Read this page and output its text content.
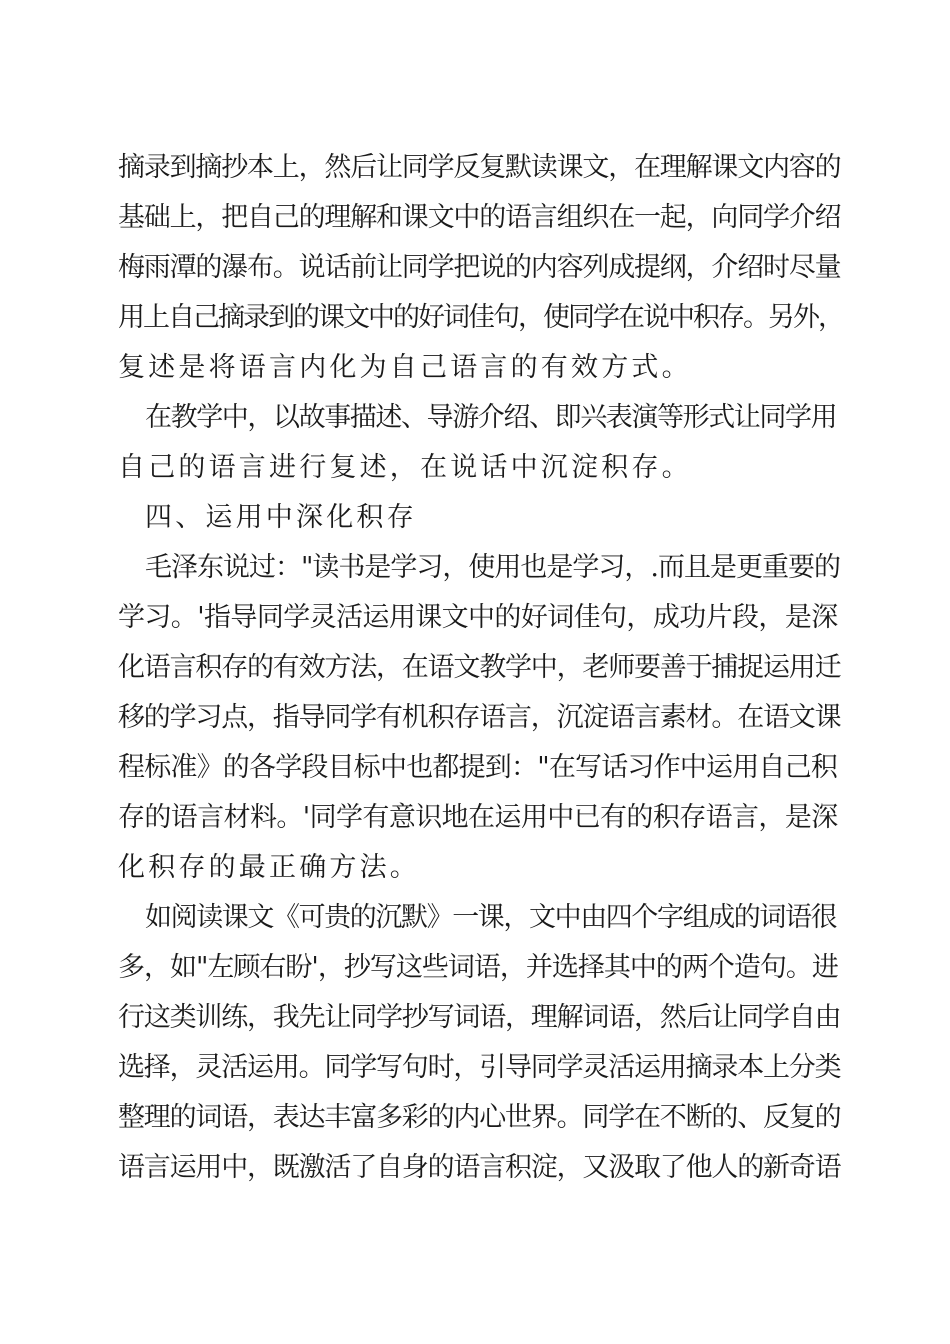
摘录到摘抄本上，然后让同学反复默读课文，在理解课文内容的
基础上，把自己的理解和课文中的语言组织在一起，向同学介绍
梅雨潭的瀑布。说话前让同学把说的内容列成提纲，介绍时尽量
用上自己摘录到的课文中的好词佳句，使同学在说中积存。另外，
复述是将语言内化为自己语言的有效方式。
在教学中，以故事描述、导游介绍、即兴表演等形式让同学用
自己的语言进行复述，在说话中沉淀积存。
四、运用中深化积存
毛泽东说过："读书是学习，使用也是学习，.而且是更重要的
学习。'指导同学灵活运用课文中的好词佳句，成功片段，是深
化语言积存的有效方法，在语文教学中，老师要善于捕捉运用迁
移的学习点，指导同学有机积存语言，沉淀语言素材。在语文课
程标准》的各学段目标中也都提到："在写话习作中运用自己积
存的语言材料。'同学有意识地在运用中已有的积存语言，是深
化积存的最正确方法。
如阅读课文《可贵的沉默》一课，文中由四个字组成的词语很
多，如"左顾右盼'，抄写这些词语，并选择其中的两个造句。进
行这类训练，我先让同学抄写词语，理解词语，然后让同学自由
选择，灵活运用。同学写句时，引导同学灵活运用摘录本上分类
整理的词语，表达丰富多彩的内心世界。同学在不断的、反复的
语言运用中，既激活了自身的语言积淀，又汲取了他人的新奇语
